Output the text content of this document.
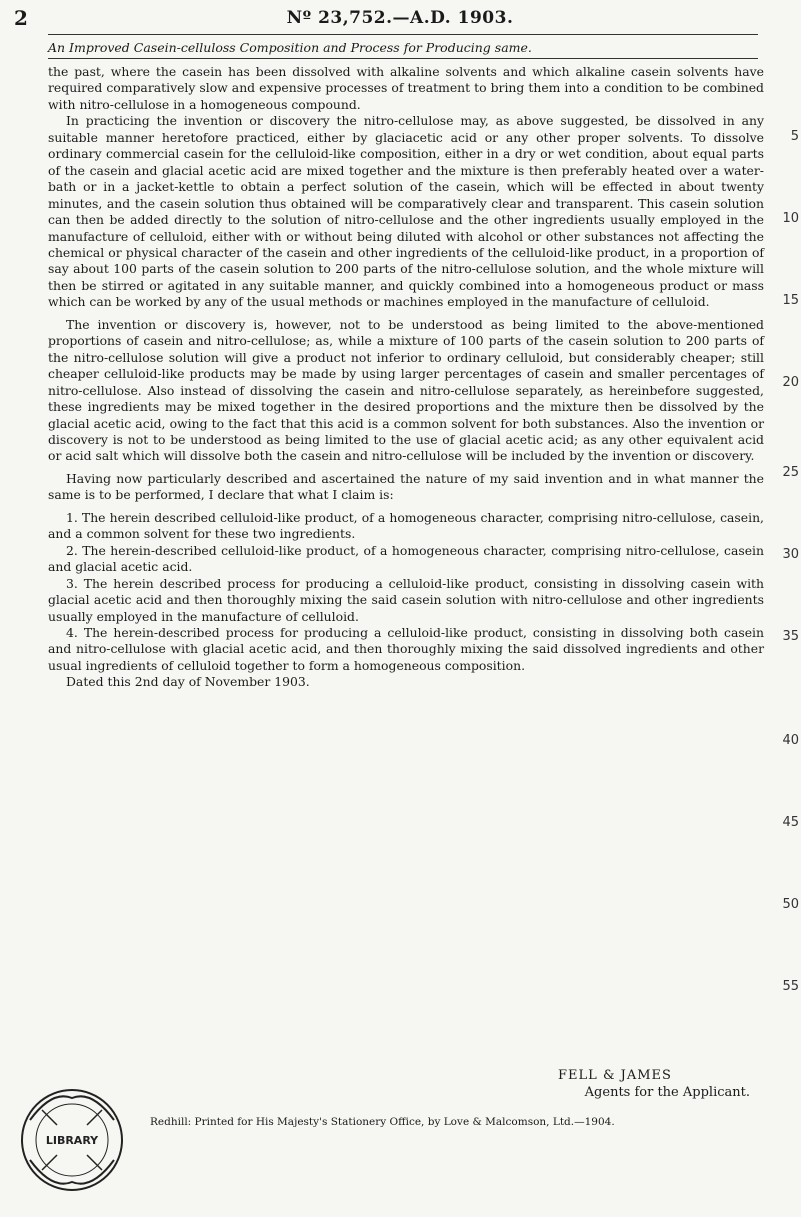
2	Nº 23,752.—A.D. 1903.
An Improved Casein-celluloss Composition and Process for Producing same.

the past, where the casein has been dissolved with alkaline solvents and which alkaline casein solvents have required comparatively slow and expensive processes of treatment to bring them into a condition to be combined with nitro-cellulose in a homogeneous compound.

In practicing the invention or discovery the nitro-cellulose may, as above suggested, be dissolved in any suitable manner heretofore practiced, either by glaciacetic acid or any other proper solvents. To dissolve ordinary commercial casein for the celluloid-like composition, either in a dry or wet condition, about equal parts of the casein and glacial acetic acid are mixed together and the mixture is then preferably heated over a water-bath or in a jacket-kettle to obtain a perfect solution of the casein, which will be effected in about twenty minutes, and the casein solution thus obtained will be comparatively clear and transparent. This casein solution can then be added directly to the solution of nitro-cellulose and the other ingredients usually employed in the manufacture of celluloid, either with or without being diluted with alcohol or other substances not affecting the chemical or physical character of the casein and other ingredients of the celluloid-like product, in a proportion of say about 100 parts of the casein solution to 200 parts of the nitro-cellulose solution, and the whole mixture will then be stirred or agitated in any suitable manner, and quickly combined into a homogeneous product or mass which can be worked by any of the usual methods or machines employed in the manufacture of celluloid.

The invention or discovery is, however, not to be understood as being limited to the above-mentioned proportions of casein and nitro-cellulose; as, while a mixture of 100 parts of the casein solution to 200 parts of the nitro-cellulose solution will give a product not inferior to ordinary celluloid, but considerably cheaper; still cheaper celluloid-like products may be made by using larger percentages of casein and smaller percentages of nitro-cellulose. Also instead of dissolving the casein and nitro-cellulose separately, as hereinbefore suggested, these ingredients may be mixed together in the desired proportions and the mixture then be dissolved by the glacial acetic acid, owing to the fact that this acid is a common solvent for both substances. Also the invention or discovery is not to be understood as being limited to the use of glacial acetic acid; as any other equivalent acid or acid salt which will dissolve both the casein and nitro-cellulose will be included by the invention or discovery.

Having now particularly described and ascertained the nature of my said invention and in what manner the same is to be performed, I declare that what I claim is:

1. The herein described celluloid-like product, of a homogeneous character, comprising nitro-cellulose, casein, and a common solvent for these two ingredients.

2. The herein-described celluloid-like product, of a homogeneous character, comprising nitro-cellulose, casein and glacial acetic acid.

3. The herein described process for producing a celluloid-like product, consisting in dissolving casein with glacial acetic acid and then thoroughly mixing the said casein solution with nitro-cellulose and other ingredients usually employed in the manufacture of celluloid.

4. The herein-described process for producing a celluloid-like product, consisting in dissolving both casein and nitro-cellulose with glacial acetic acid, and then thoroughly mixing the said dissolved ingredients and other usual ingredients of celluloid together to form a homogeneous composition.

Dated this 2nd day of November 1903.

5
10
15
20
25
30
35
40
45
50
55
FELL & JAMES
Agents for the Applicant.
Redhill: Printed for His Majesty's Stationery Office, by Love & Malcomson, Ltd.—1904.
LIBRARY
